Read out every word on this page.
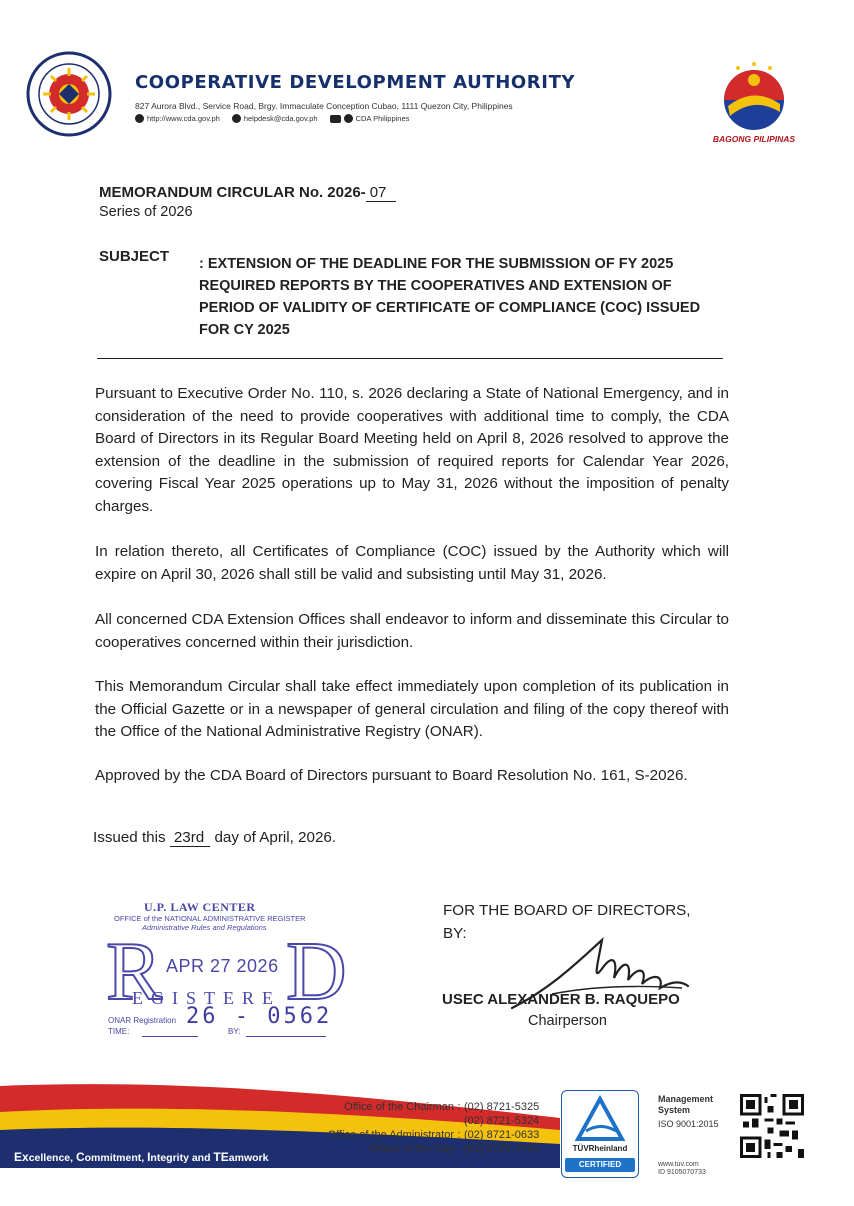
COOPERATIVE DEVELOPMENT AUTHORITY
827 Aurora Blvd., Service Road, Brgy. Immaculate Conception Cubao, 1111 Quezon City, Philippines
http://www.cda.gov.ph	helpdesk@cda.gov.ph	CDA Philippines
BAGONG PILIPINAS
MEMORANDUM CIRCULAR No. 2026- 07
Series of 2026
SUBJECT : EXTENSION OF THE DEADLINE FOR THE SUBMISSION OF FY 2025 REQUIRED REPORTS BY THE COOPERATIVES AND EXTENSION OF PERIOD OF VALIDITY OF CERTIFICATE OF COMPLIANCE (COC) ISSUED FOR CY 2025
Pursuant to Executive Order No. 110, s. 2026 declaring a State of National Emergency, and in consideration of the need to provide cooperatives with additional time to comply, the CDA Board of Directors in its Regular Board Meeting held on April 8, 2026 resolved to approve the extension of the deadline in the submission of required reports for Calendar Year 2026, covering Fiscal Year 2025 operations up to May 31, 2026 without the imposition of penalty charges.
In relation thereto, all Certificates of Compliance (COC) issued by the Authority which will expire on April 30, 2026 shall still be valid and subsisting until May 31, 2026.
All concerned CDA Extension Offices shall endeavor to inform and disseminate this Circular to cooperatives concerned within their jurisdiction.
This Memorandum Circular shall take effect immediately upon completion of its publication in the Official Gazette or in a newspaper of general circulation and filing of the copy thereof with the Office of the National Administrative Registry (ONAR).
Approved by the CDA Board of Directors pursuant to Board Resolution No. 161, S-2026.
Issued this 23rd day of April, 2026.
U.P. LAW CENTER
OFFICE of the NATIONAL ADMINISTRATIVE REGISTER
Administrative Rules and Regulations
R APR 27 2026
EGISTERE D
ONAR Registration 26 - 0562
TIME:	BY:
FOR THE BOARD OF DIRECTORS,
BY:
USEC ALEXANDER B. RAQUEPO
Chairperson
Excellence, Commitment, Integrity and TEamwork
Office of the Chairman : (02) 8721-5325
(02) 8721-5324
Office of the Administrator : (02) 8721-0633
Officer of the Day : (02) 8725-3764	TÜVRheinland
CERTIFIED
Management
System
ISO 9001:2015
www.tuv.com
ID 9105070733
